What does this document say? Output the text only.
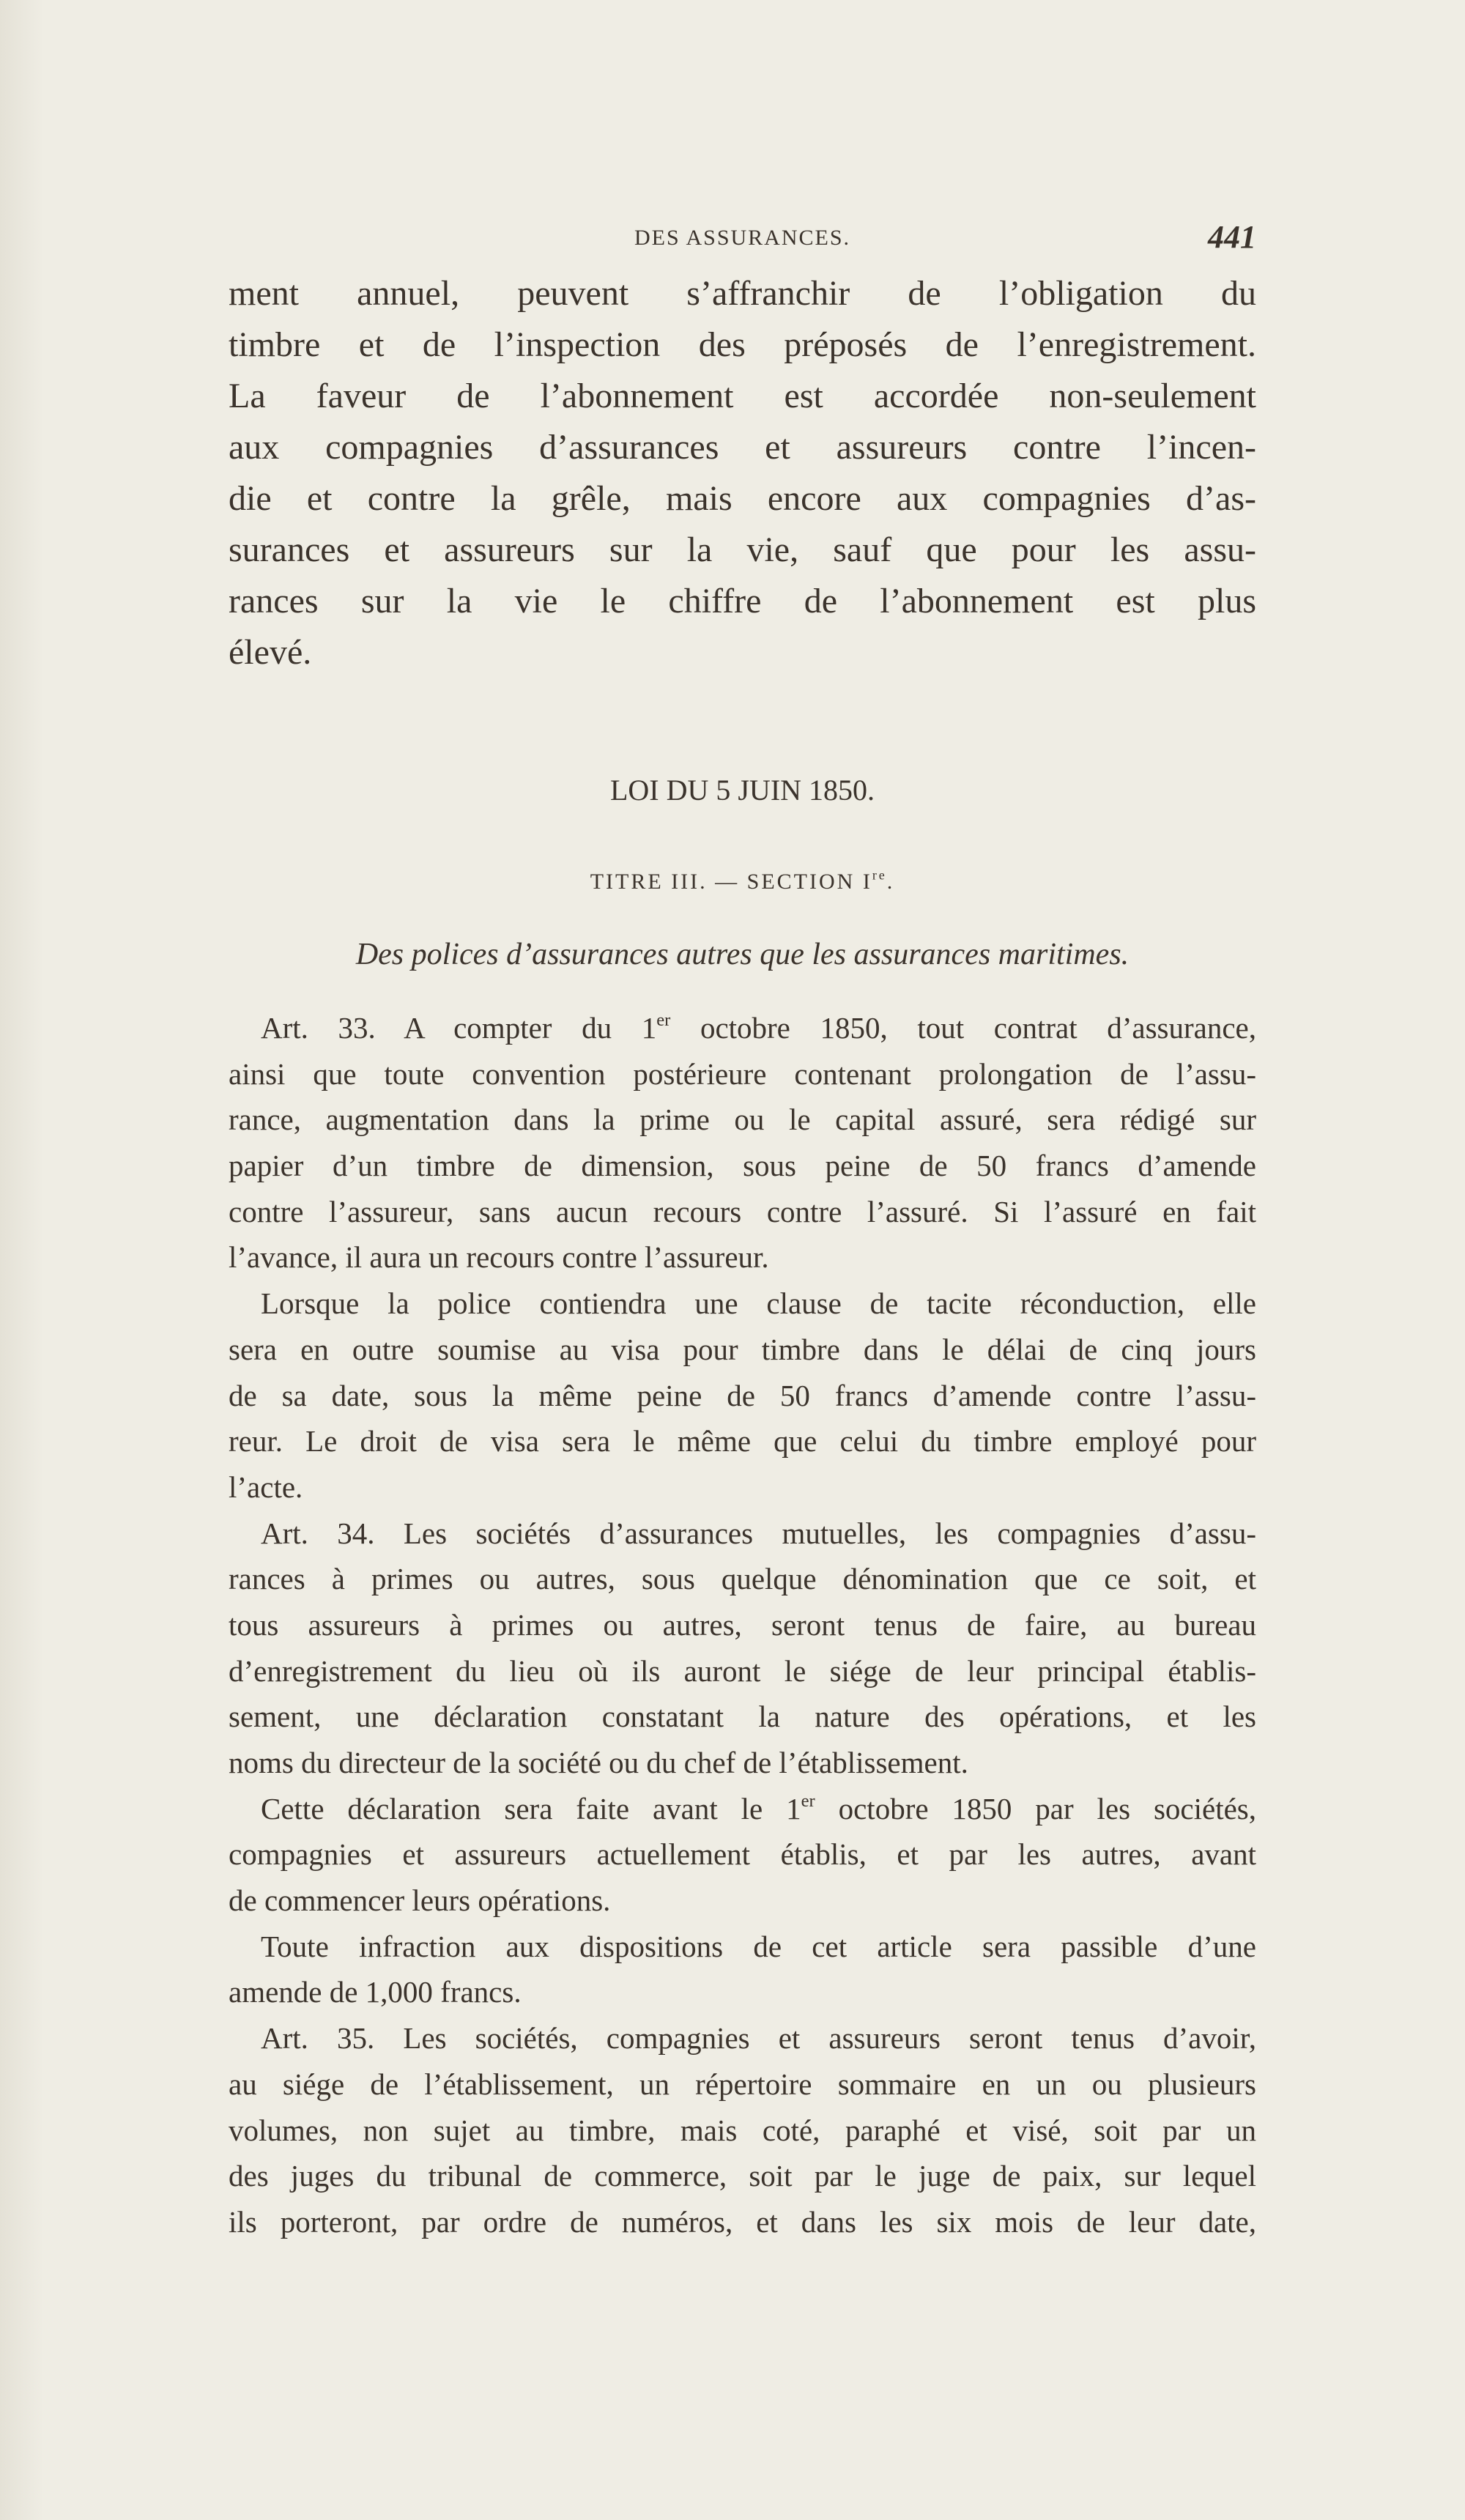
DES ASSURANCES.	441
ment annuel, peuvent s’affranchir de l’obligation du
timbre et de l’inspection des préposés de l’enregistrement.
La faveur de l’abonnement est accordée non-seulement
aux compagnies d’assurances et assureurs contre l’incen-
die et contre la grêle, mais encore aux compagnies d’as-
surances et assureurs sur la vie, sauf que pour les assu-
rances sur la vie le chiffre de l’abonnement est plus
élevé.
LOI DU 5 JUIN 1850.
TITRE III. — SECTION Ire.
Des polices d’assurances autres que les assurances maritimes.
Art. 33. A compter du 1er octobre 1850, tout contrat d’assurance,
ainsi que toute convention postérieure contenant prolongation de l’assu-
rance, augmentation dans la prime ou le capital assuré, sera rédigé sur
papier d’un timbre de dimension, sous peine de 50 francs d’amende
contre l’assureur, sans aucun recours contre l’assuré. Si l’assuré en fait
l’avance, il aura un recours contre l’assureur.
Lorsque la police contiendra une clause de tacite réconduction, elle
sera en outre soumise au visa pour timbre dans le délai de cinq jours
de sa date, sous la même peine de 50 francs d’amende contre l’assu-
reur. Le droit de visa sera le même que celui du timbre employé pour
l’acte.
Art. 34. Les sociétés d’assurances mutuelles, les compagnies d’assu-
rances à primes ou autres, sous quelque dénomination que ce soit, et
tous assureurs à primes ou autres, seront tenus de faire, au bureau
d’enregistrement du lieu où ils auront le siége de leur principal établis-
sement, une déclaration constatant la nature des opérations, et les
noms du directeur de la société ou du chef de l’établissement.
Cette déclaration sera faite avant le 1er octobre 1850 par les sociétés,
compagnies et assureurs actuellement établis, et par les autres, avant
de commencer leurs opérations.
Toute infraction aux dispositions de cet article sera passible d’une
amende de 1,000 francs.
Art. 35. Les sociétés, compagnies et assureurs seront tenus d’avoir,
au siége de l’établissement, un répertoire sommaire en un ou plusieurs
volumes, non sujet au timbre, mais coté, paraphé et visé, soit par un
des juges du tribunal de commerce, soit par le juge de paix, sur lequel
ils porteront, par ordre de numéros, et dans les six mois de leur date,
